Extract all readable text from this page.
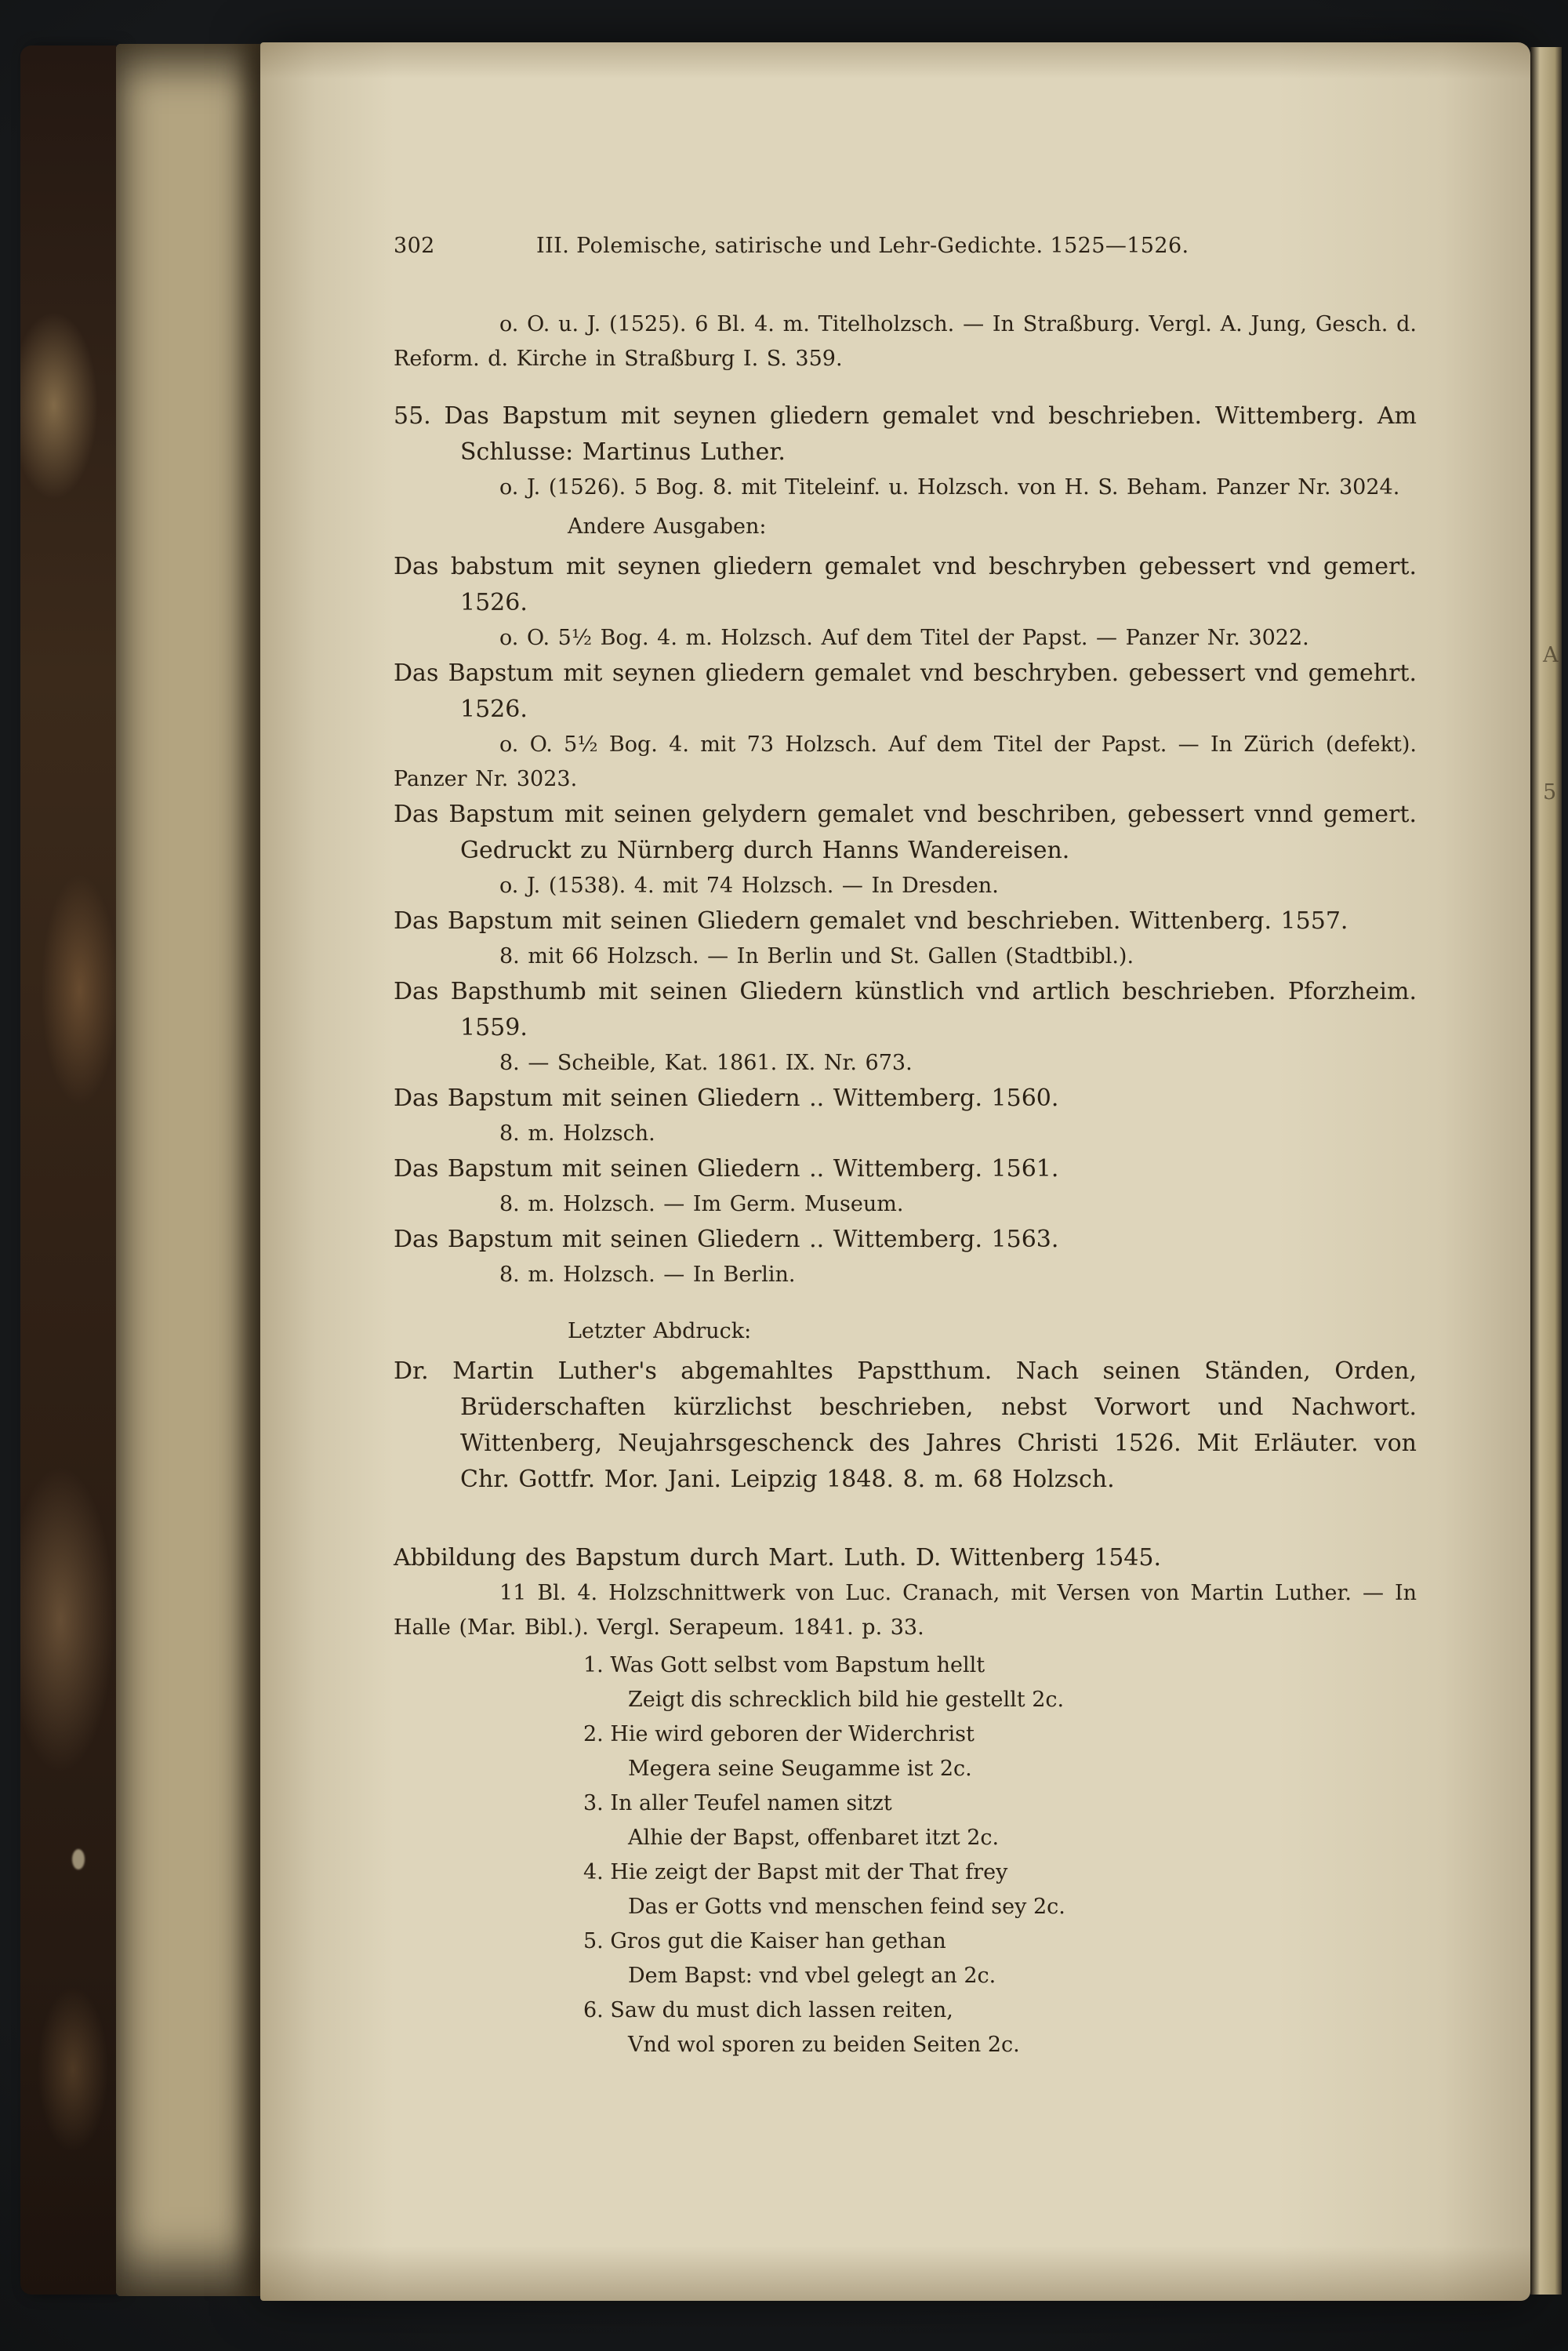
302	III. Polemische, satirische und Lehr-Gedichte. 1525—1526.
o. O. u. J. (1525). 6 Bl. 4. m. Titelholzsch. — In Straßburg. Vergl. A. Jung, Gesch. d. Reform. d. Kirche in Straßburg I. S. 359.
55. Das Bapstum mit seynen gliedern gemalet vnd beschrieben. Wittemberg. Am Schlusse: Martinus Luther.
o. J. (1526). 5 Bog. 8. mit Titeleinf. u. Holzsch. von H. S. Beham. Panzer Nr. 3024.
Andere Ausgaben:
Das babstum mit seynen gliedern gemalet vnd beschryben gebessert vnd gemert. 1526.
o. O. 5½ Bog. 4. m. Holzsch. Auf dem Titel der Papst. — Panzer Nr. 3022.
Das Bapstum mit seynen gliedern gemalet vnd beschryben. gebessert vnd gemehrt. 1526.
o. O. 5½ Bog. 4. mit 73 Holzsch. Auf dem Titel der Papst. — In Zürich (defekt). Panzer Nr. 3023.
Das Bapstum mit seinen gelydern gemalet vnd beschriben, gebessert vnnd gemert. Gedruckt zu Nürnberg durch Hanns Wandereisen.
o. J. (1538). 4. mit 74 Holzsch. — In Dresden.
Das Bapstum mit seinen Gliedern gemalet vnd beschrieben. Wittenberg. 1557.
8. mit 66 Holzsch. — In Berlin und St. Gallen (Stadtbibl.).
Das Bapsthumb mit seinen Gliedern künstlich vnd artlich beschrieben. Pforzheim. 1559.
8. — Scheible, Kat. 1861. IX. Nr. 673.
Das Bapstum mit seinen Gliedern .. Wittemberg. 1560.
8. m. Holzsch.
Das Bapstum mit seinen Gliedern .. Wittemberg. 1561.
8. m. Holzsch. — Im Germ. Museum.
Das Bapstum mit seinen Gliedern .. Wittemberg. 1563.
8. m. Holzsch. — In Berlin.
Letzter Abdruck:
Dr. Martin Luther's abgemahltes Papstthum. Nach seinen Ständen, Orden, Brüderschaften kürzlichst beschrieben, nebst Vorwort und Nachwort. Wittenberg, Neujahrsgeschenck des Jahres Christi 1526. Mit Erläuter. von Chr. Gottfr. Mor. Jani. Leipzig 1848. 8. m. 68 Holzsch.
Abbildung des Bapstum durch Mart. Luth. D. Wittenberg 1545.
11 Bl. 4. Holzschnittwerk von Luc. Cranach, mit Versen von Martin Luther. — In Halle (Mar. Bibl.). Vergl. Serapeum. 1841. p. 33.
1. Was Gott selbst vom Bapstum hellt
Zeigt dis schrecklich bild hie gestellt 2c.
2. Hie wird geboren der Widerchrist
Megera seine Seugamme ist 2c.
3. In aller Teufel namen sitzt
Alhie der Bapst, offenbaret itzt 2c.
4. Hie zeigt der Bapst mit der That frey
Das er Gotts vnd menschen feind sey 2c.
5. Gros gut die Kaiser han gethan
Dem Bapst: vnd vbel gelegt an 2c.
6. Saw du must dich lassen reiten,
Vnd wol sporen zu beiden Seiten 2c.
A
5
